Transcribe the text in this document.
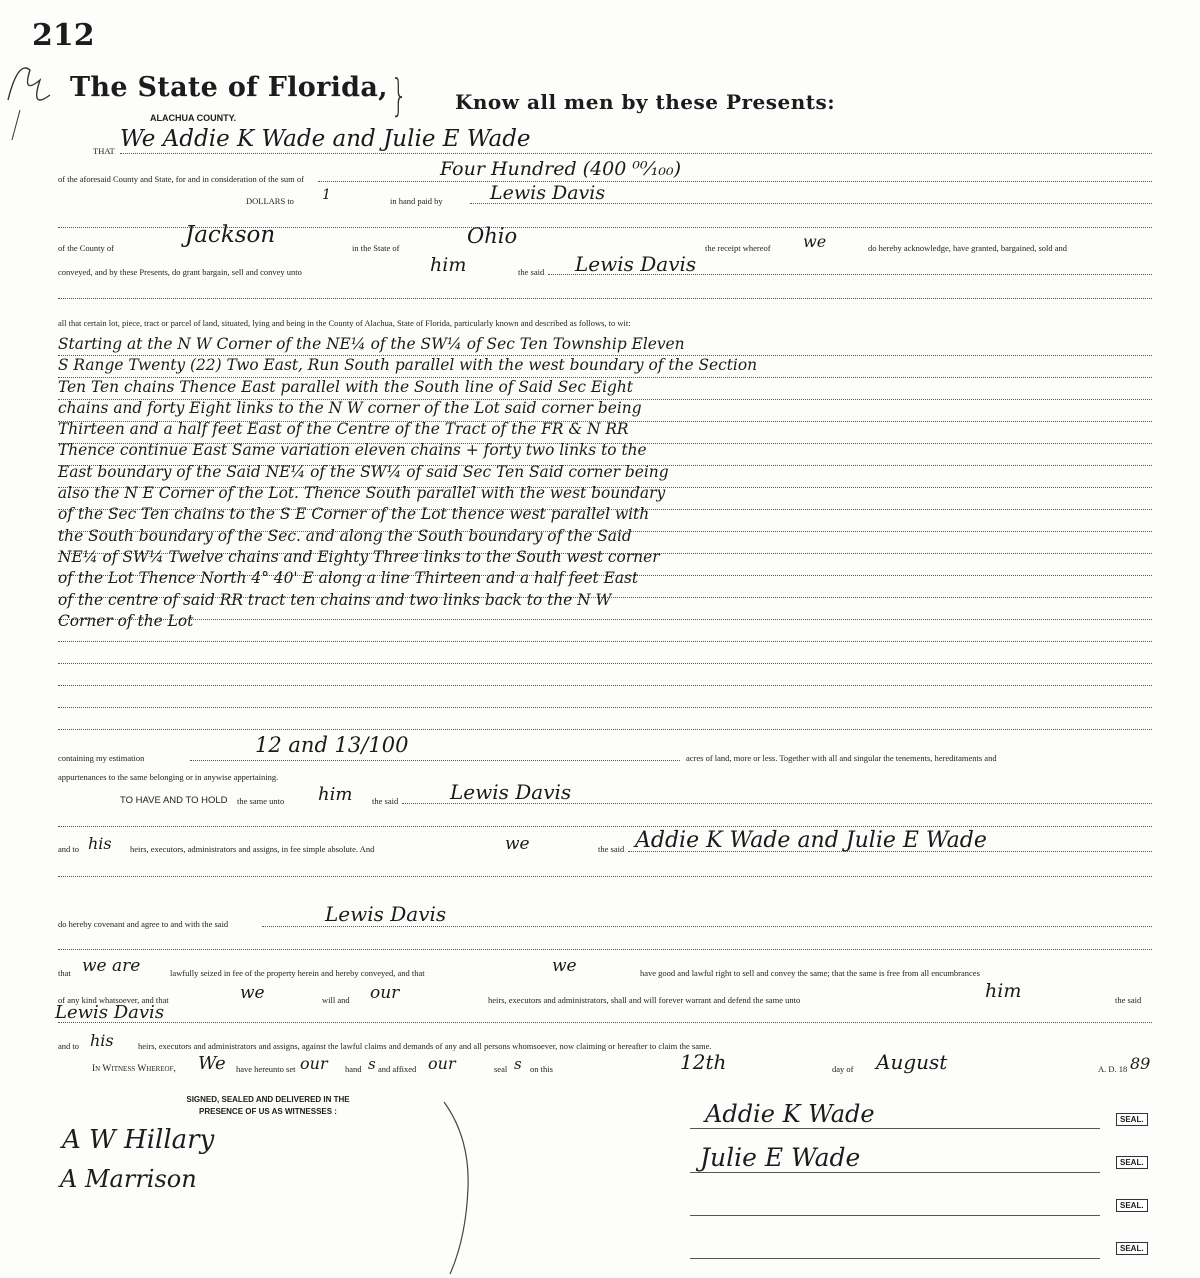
212
The State of Florida, } Know all men by these Presents:
ALACHUA COUNTY.
THAT We Addie K Wade and Julie E Wade
of the aforesaid County and State, for and in consideration of the sum of	Four Hundred (400 ⁰⁰⁄₁₀₀)
DOLLARS to 1	in hand paid by Lewis Davis
of the County of	Jackson	in the State of	Ohio	the receipt whereof we	do hereby acknowledge, have granted, bargained, sold and
conveyed, and by these Presents, do grant bargain, sell and convey unto	him	the said Lewis Davis
all that certain lot, piece, tract or parcel of land, situated, lying and being in the County of Alachua, State of Florida, particularly known and described as follows, to wit:
Starting at the N W Corner of the NE¼ of the SW¼ of Sec Ten Township Eleven
S Range Twenty (22) Two East, Run South parallel with the west boundary of the Section
Ten Ten chains Thence East parallel with the South line of Said Sec Eight
chains and forty Eight links to the N W corner of the Lot said corner being
Thirteen and a half feet East of the Centre of the Tract of the FR & N RR
Thence continue East Same variation eleven chains + forty two links to the
East boundary of the Said NE¼ of the SW¼ of said Sec Ten Said corner being
also the N E Corner of the Lot. Thence South parallel with the west boundary
of the Sec Ten chains to the S E Corner of the Lot thence west parallel with
the South boundary of the Sec. and along the South boundary of the Said
NE¼ of SW¼ Twelve chains and Eighty Three links to the South west corner
of the Lot Thence North 4° 40' E along a line Thirteen and a half feet East
of the centre of said RR tract ten chains and two links back to the N W
Corner of the Lot
containing my estimation
12 and 13/100
acres of land, more or less. Together with all and singular the tenements, hereditaments and
appurtenances to the same belonging or in anywise appertaining.
TO HAVE AND TO HOLD the same unto him the said	Lewis Davis
and to his heirs, executors, administrators and assigns, in fee simple absolute. And	we	the said Addie K Wade and Julie E Wade
do hereby covenant and agree to and with the said	Lewis Davis
that we are	lawfully seized in fee of the property herein and hereby conveyed, and that	we	have good and lawful right to sell and convey the same; that the same is free from all encumbrances
of any kind whatsoever, and that	we	will and our	heirs, executors and administrators, shall and will forever warrant and defend the same unto	him	the said
Lewis Davis
and to his	heirs, executors and administrators and assigns, against the lawful claims and demands of any and all persons whomsoever, now claiming or hereafter to claim the same.
In Witness Whereof, We have hereunto set our hand s and affixed our	seal s on this	12th	day of August	A. D. 18 89
SIGNED, SEALED AND DELIVERED IN THE
PRESENCE OF US AS WITNESSES :
A W Hillary
A Marrison
Addie K Wade
Julie E Wade
SEAL.
SEAL.
SEAL.
SEAL.
